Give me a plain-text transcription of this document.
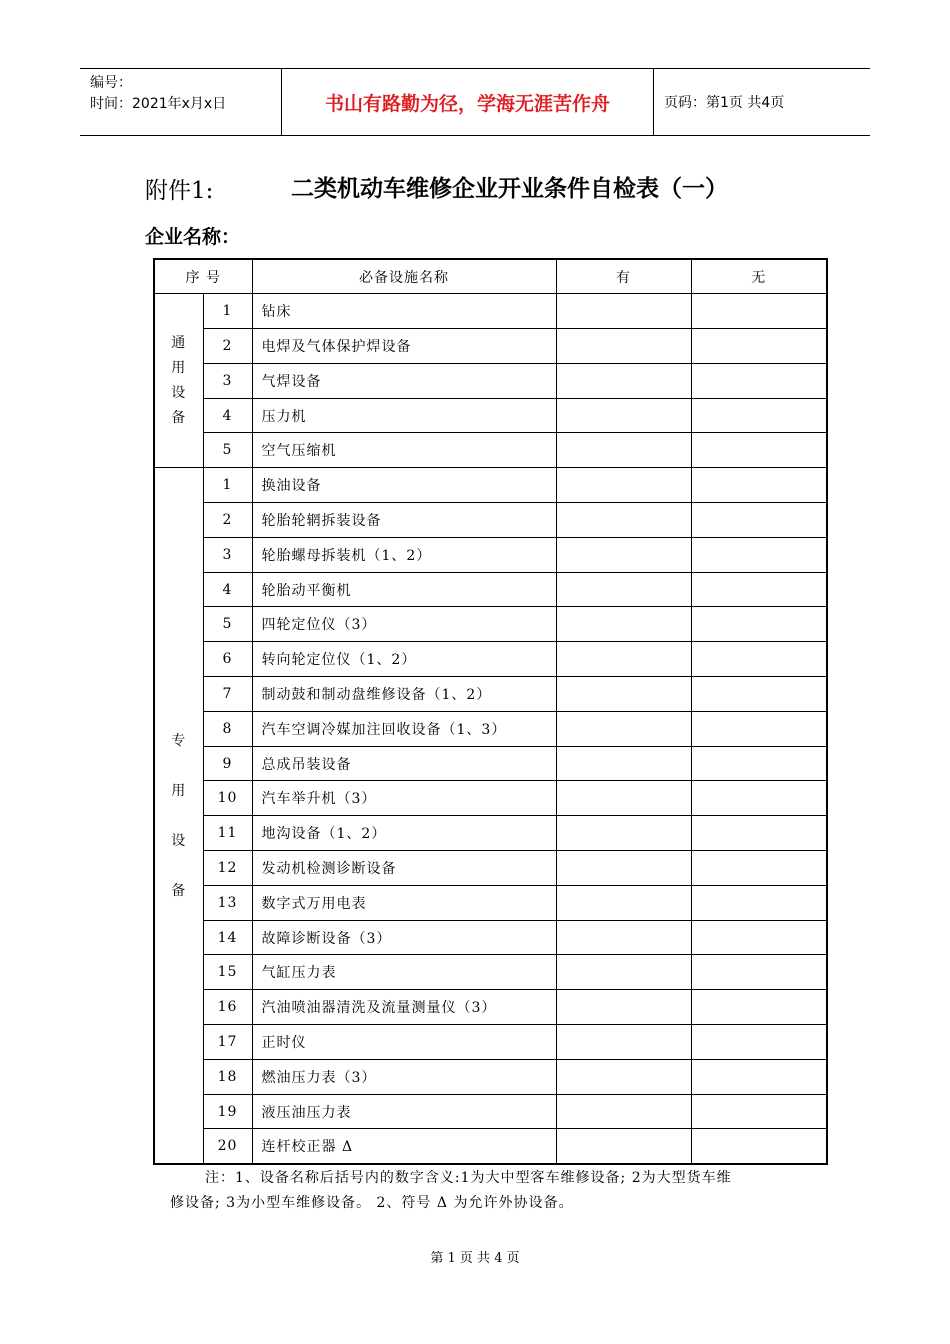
编号：
时间：2021年x月x日	书山有路勤为径，学海无涯苦作舟	页码：第1页 共4页
附件1:	二类机动车维修企业开业条件自检表（一）
企业名称：
序 号		必备设施名称	有	无
通用设备	1	钻床		
	2	电焊及气体保护焊设备		
	3	气焊设备		
	4	压力机		
	5	空气压缩机		
专用设备	1	换油设备		
	2	轮胎轮辋拆装设备		
	3	轮胎螺母拆装机（1、2）		
	4	轮胎动平衡机		
	5	四轮定位仪（3）		
	6	转向轮定位仪（1、2）		
	7	制动鼓和制动盘维修设备（1、2）		
	8	汽车空调冷媒加注回收设备（1、3）		
	9	总成吊装设备		
	10	汽车举升机（3）		
	11	地沟设备（1、2）		
	12	发动机检测诊断设备		
	13	数字式万用电表		
	14	故障诊断设备（3）		
	15	气缸压力表		
	16	汽油喷油器清洗及流量测量仪（3）		
	17	正时仪		
	18	燃油压力表（3）		
	19	液压油压力表		
	20	连杆校正器 Δ		
注：1、设备名称后括号内的数字含义:1为大中型客车维修设备; 2为大型货车维
修设备; 3为小型车维修设备。 2、符号 Δ 为允许外协设备。
第 1 页 共 4 页
